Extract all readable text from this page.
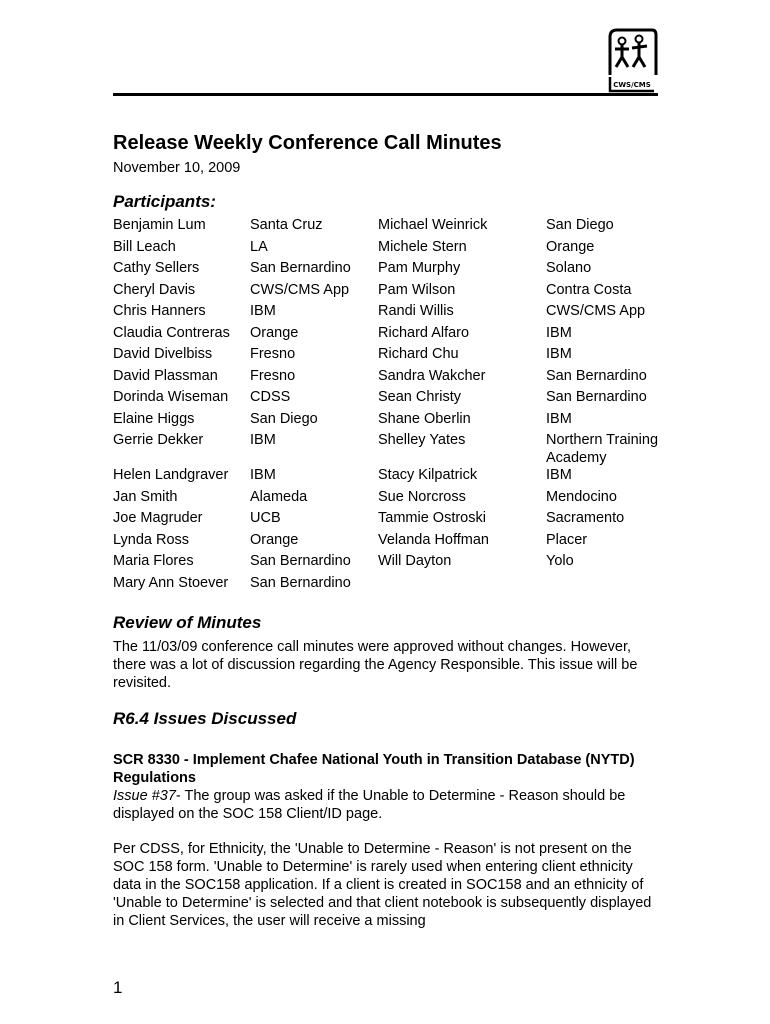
CWS/CMS
Release Weekly Conference Call Minutes
November 10, 2009
Participants:
Benjamin Lum	Santa Cruz	Michael Weinrick	San Diego
Bill Leach	LA	Michele Stern	Orange
Cathy Sellers	San Bernardino	Pam Murphy	Solano
Cheryl Davis	CWS/CMS App	Pam Wilson	Contra Costa
Chris Hanners	IBM	Randi Willis	CWS/CMS App
Claudia Contreras	Orange	Richard Alfaro	IBM
David Divelbiss	Fresno	Richard Chu	IBM
David Plassman	Fresno	Sandra Wakcher	San Bernardino
Dorinda Wiseman	CDSS	Sean Christy	San Bernardino
Elaine Higgs	San Diego	Shane Oberlin	IBM
Gerrie Dekker	IBM	Shelley Yates	Northern Training Academy
Helen Landgraver	IBM	Stacy Kilpatrick	IBM
Jan Smith	Alameda	Sue Norcross	Mendocino
Joe Magruder	UCB	Tammie Ostroski	Sacramento
Lynda Ross	Orange	Velanda Hoffman	Placer
Maria Flores	San Bernardino	Will Dayton	Yolo
Mary Ann Stoever	San Bernardino
Review of Minutes
The 11/03/09 conference call minutes were approved without changes. However, there was a lot of discussion regarding the Agency Responsible. This issue will be revisited.
R6.4 Issues Discussed
SCR 8330 - Implement Chafee National Youth in Transition Database (NYTD) Regulations
Issue #37- The group was asked if the Unable to Determine - Reason should be displayed on the SOC 158 Client/ID page.
Per CDSS, for Ethnicity, the 'Unable to Determine - Reason' is not present on the SOC 158 form. 'Unable to Determine' is rarely used when entering client ethnicity data in the SOC158 application. If a client is created in SOC158 and an ethnicity of 'Unable to Determine' is selected and that client notebook is subsequently displayed in Client Services, the user will receive a missing
1
